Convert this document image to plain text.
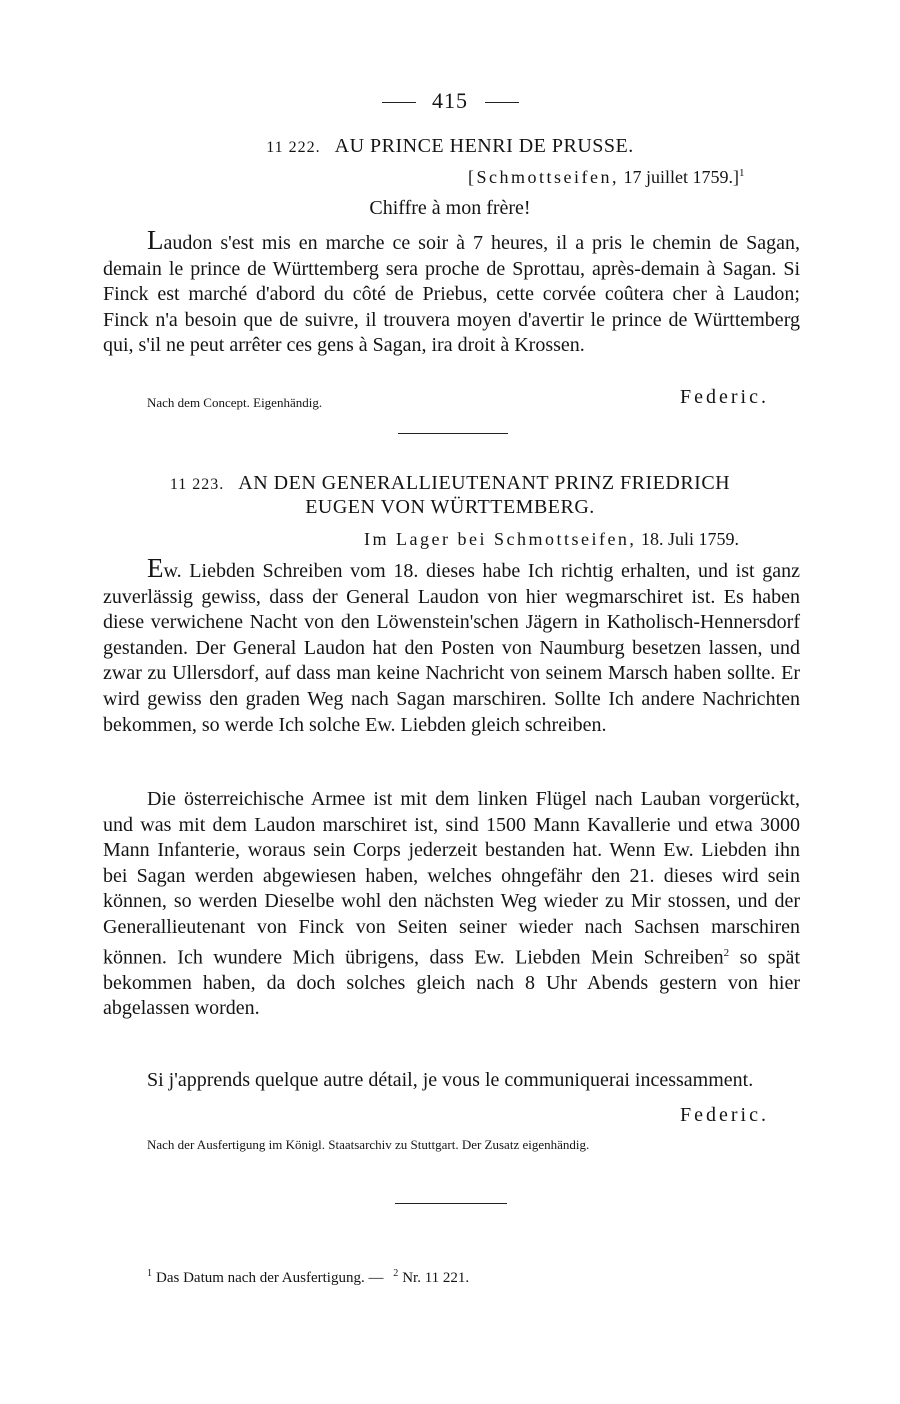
415
11 222. AU PRINCE HENRI DE PRUSSE.
[Schmottseifen, 17 juillet 1759.]$^1$
Chiffre à mon frère!

Laudon s'est mis en marche ce soir à 7 heures, il a pris le chemin de Sagan, demain le prince de Württemberg sera proche de Sprottau, après-demain à Sagan. Si Finck est marché d'abord du côté de Priebus, cette corvée coûtera cher à Laudon; Finck n'a besoin que de suivre, il trouvera moyen d'avertir le prince de Württemberg qui, s'il ne peut arrêter ces gens à Sagan, ira droit à Krossen.

Nach dem Concept. Eigenhändig.	Federic.
11 223. AN DEN GENERALLIEUTENANT PRINZ FRIEDRICH
EUGEN VON WÜRTTEMBERG.
Im Lager bei Schmottseifen, 18. Juli 1759.

Ew. Liebden Schreiben vom 18. dieses habe Ich richtig erhalten, und ist ganz zuverlässig gewiss, dass der General Laudon von hier wegmarschiret ist. Es haben diese verwichene Nacht von den Löwenstein'schen Jägern in Katholisch-Hennersdorf gestanden. Der General Laudon hat den Posten von Naumburg besetzen lassen, und zwar zu Ullersdorf, auf dass man keine Nachricht von seinem Marsch haben sollte. Er wird gewiss den graden Weg nach Sagan marschiren. Sollte Ich andere Nachrichten bekommen, so werde Ich solche Ew. Liebden gleich schreiben.

Die österreichische Armee ist mit dem linken Flügel nach Lauban vorgerückt, und was mit dem Laudon marschiret ist, sind 1500 Mann Kavallerie und etwa 3000 Mann Infanterie, woraus sein Corps jederzeit bestanden hat. Wenn Ew. Liebden ihn bei Sagan werden abgewiesen haben, welches ohngefähr den 21. dieses wird sein können, so werden Dieselbe wohl den nächsten Weg wieder zu Mir stossen, und der Generallieutenant von Finck von Seiten seiner wieder nach Sachsen marschiren können. Ich wundere Mich übrigens, dass Ew. Liebden Mein Schreiben$^2$ so spät bekommen haben, da doch solches gleich nach 8 Uhr Abends gestern von hier abgelassen worden.

Si j'apprends quelque autre détail, je vous le communiquerai incessamment.

Federic.
Nach der Ausfertigung im Königl. Staatsarchiv zu Stuttgart. Der Zusatz eigenhändig.
$^1$ Das Datum nach der Ausfertigung. — $^2$ Nr. 11 221.
